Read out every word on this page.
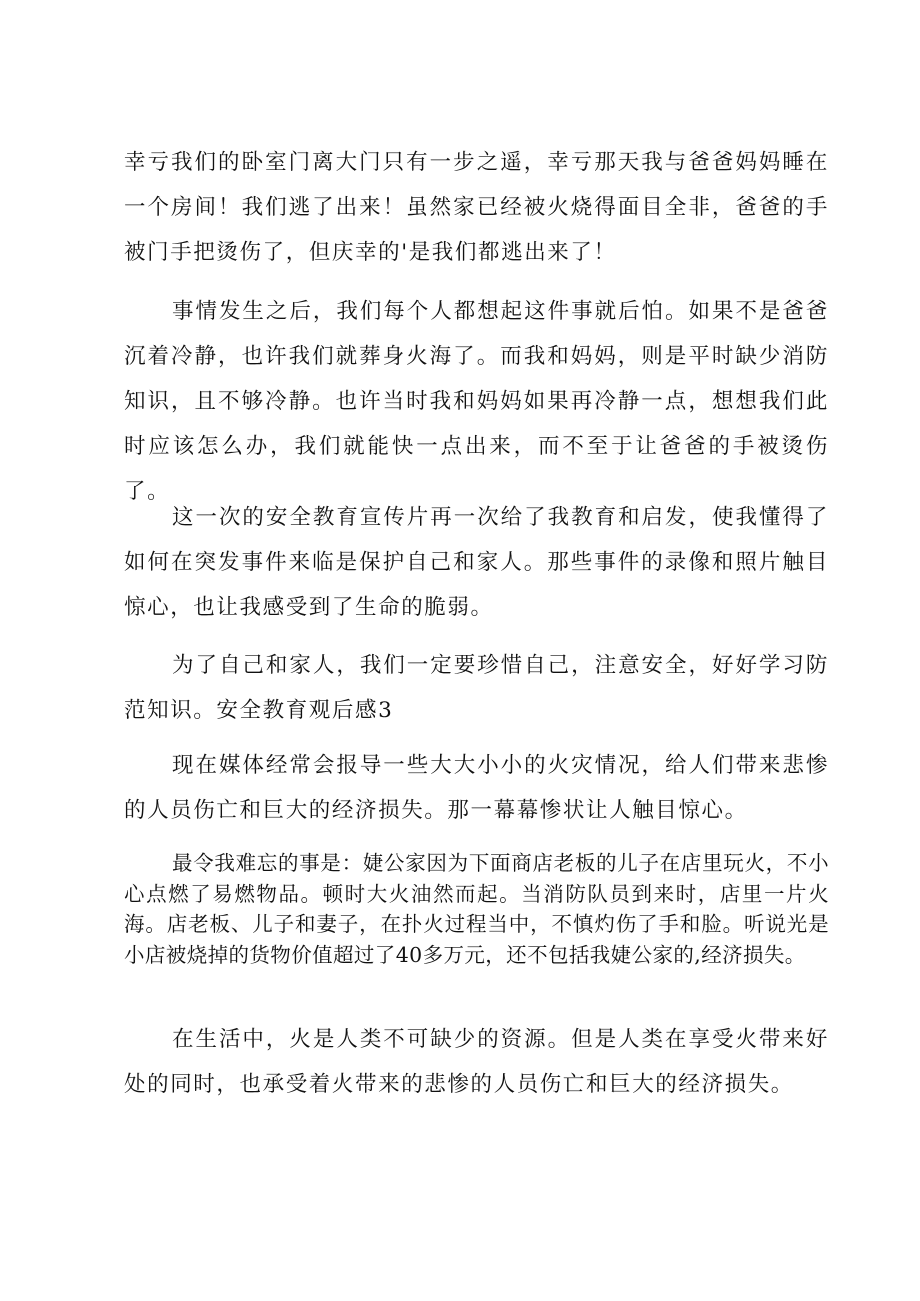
幸亏我们的卧室门离大门只有一步之遥，幸亏那天我与爸爸妈妈睡在一个房间！我们逃了出来！虽然家已经被火烧得面目全非，爸爸的手被门手把烫伤了，但庆幸的'是我们都逃出来了！

事情发生之后，我们每个人都想起这件事就后怕。如果不是爸爸沉着冷静，也许我们就葬身火海了。而我和妈妈，则是平时缺少消防知识，且不够冷静。也许当时我和妈妈如果再冷静一点，想想我们此时应该怎么办，我们就能快一点出来，而不至于让爸爸的手被烫伤了。

这一次的安全教育宣传片再一次给了我教育和启发，使我懂得了如何在突发事件来临是保护自己和家人。那些事件的录像和照片触目惊心，也让我感受到了生命的脆弱。

为了自己和家人，我们一定要珍惜自己，注意安全，好好学习防范知识。安全教育观后感3

现在媒体经常会报导一些大大小小的火灾情况，给人们带来悲惨的人员伤亡和巨大的经济损失。那一幕幕惨状让人触目惊心。

最令我难忘的事是：婕公家因为下面商店老板的儿子在店里玩火，不小心点燃了易燃物品。顿时大火油然而起。当消防队员到来时，店里一片火海。店老板、儿子和妻子，在扑火过程当中，不慎灼伤了手和脸。听说光是小店被烧掉的货物价值超过了40多万元，还不包括我婕公家的,经济损失。

在生活中，火是人类不可缺少的资源。但是人类在享受火带来好处的同时，也承受着火带来的悲惨的人员伤亡和巨大的经济损失。
